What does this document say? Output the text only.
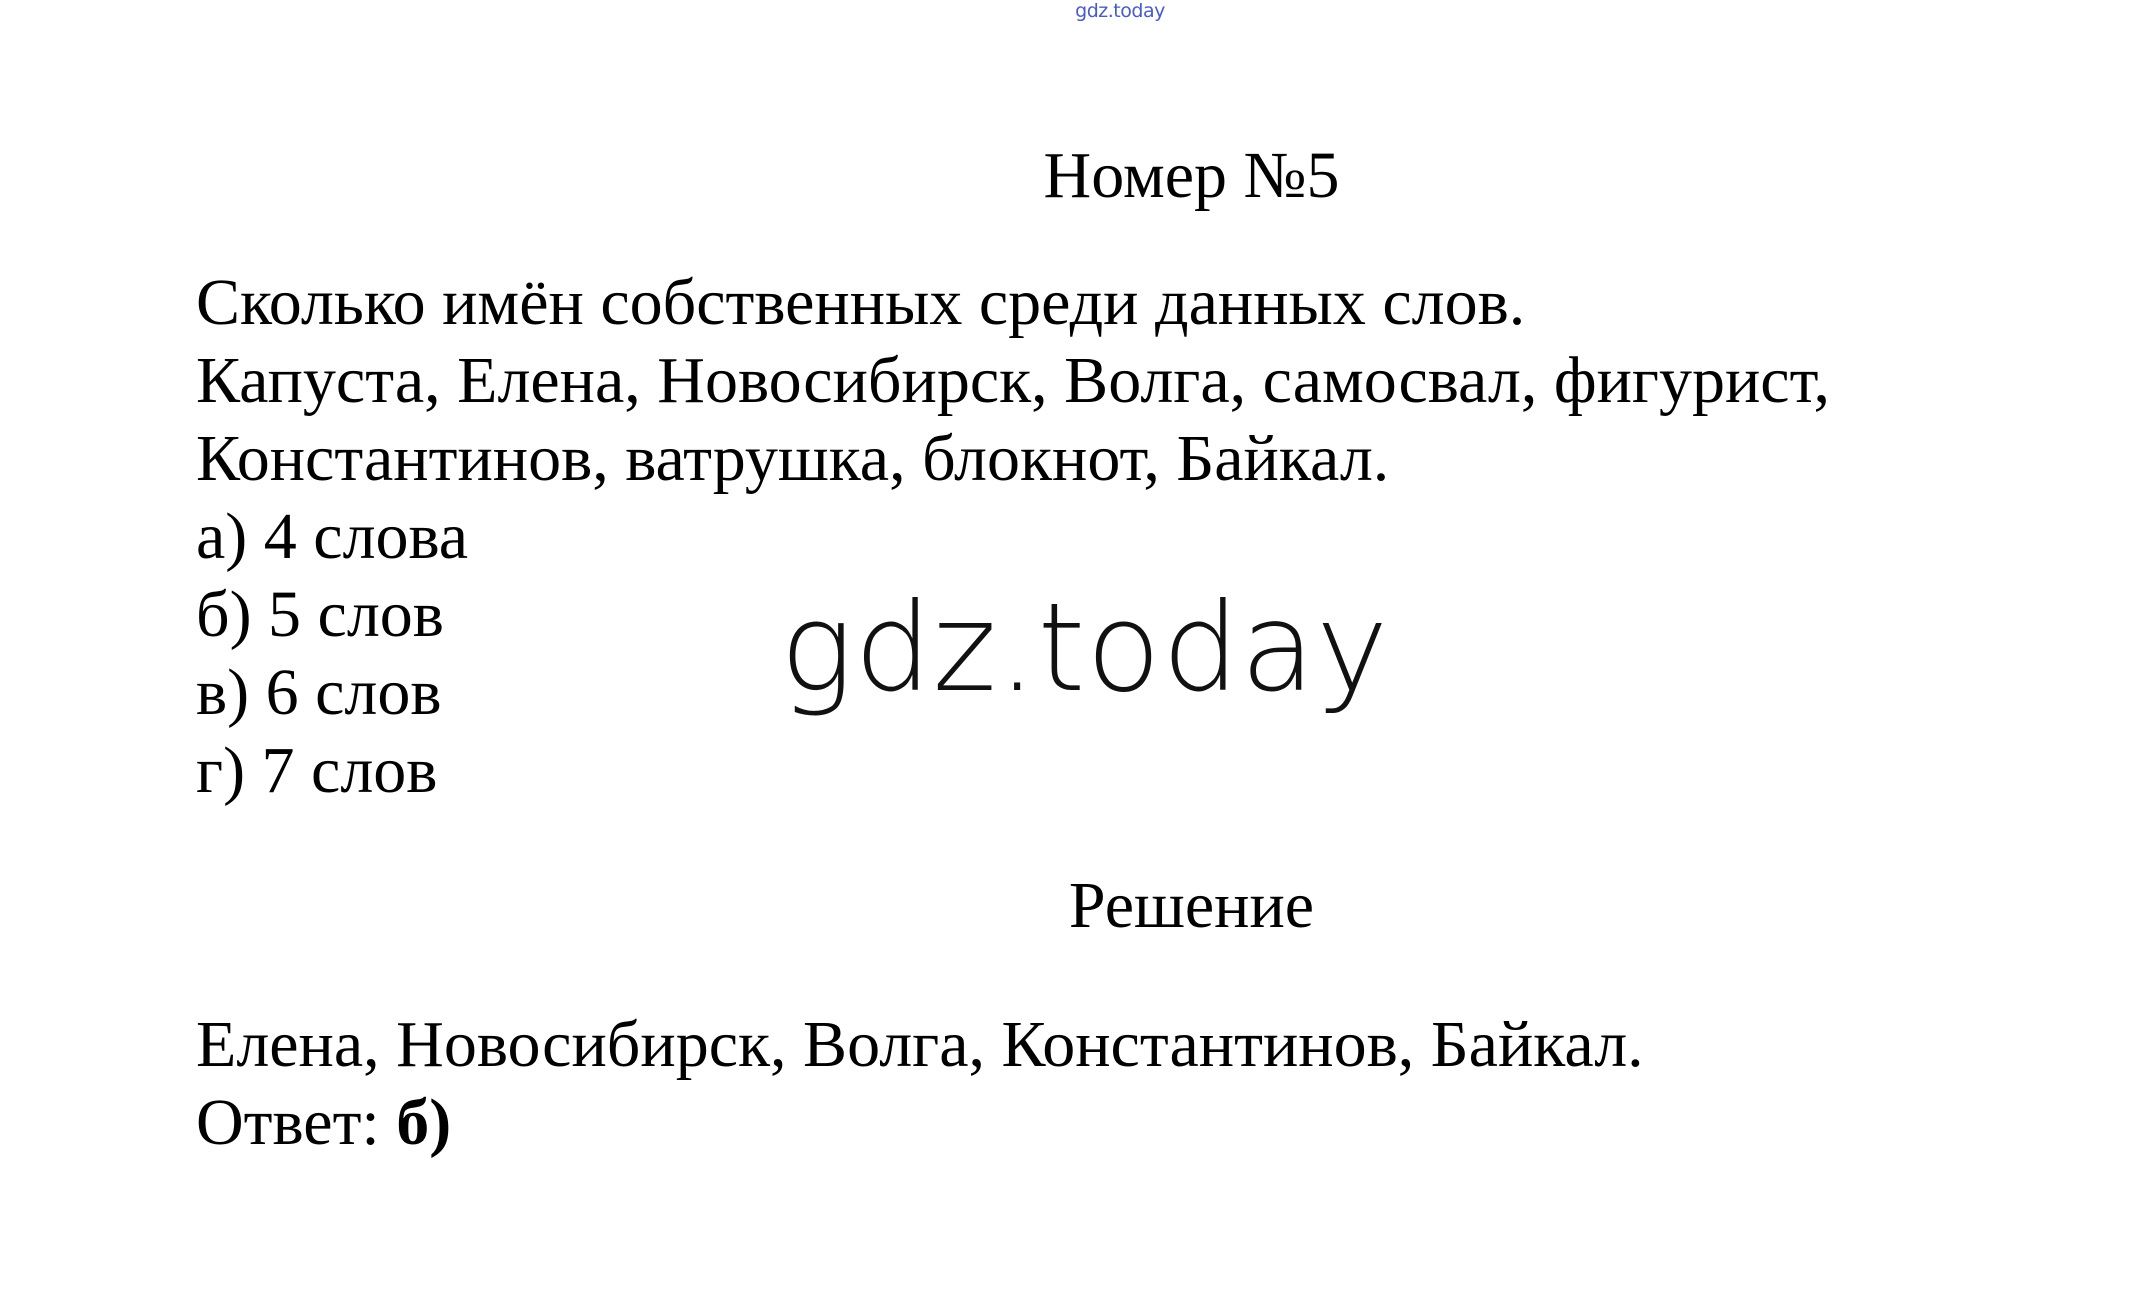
gdz.today
Номер №5
Сколько имён собственных среди данных слов.
Капуста, Елена, Новосибирск, Волга, самосвал, фигурист,
Константинов, ватрушка, блокнот, Байкал.
а) 4 слова
б) 5 слов
в) 6 слов
г) 7 слов
gdz.today
Решение
Елена, Новосибирск, Волга, Константинов, Байкал.
Ответ: б)
